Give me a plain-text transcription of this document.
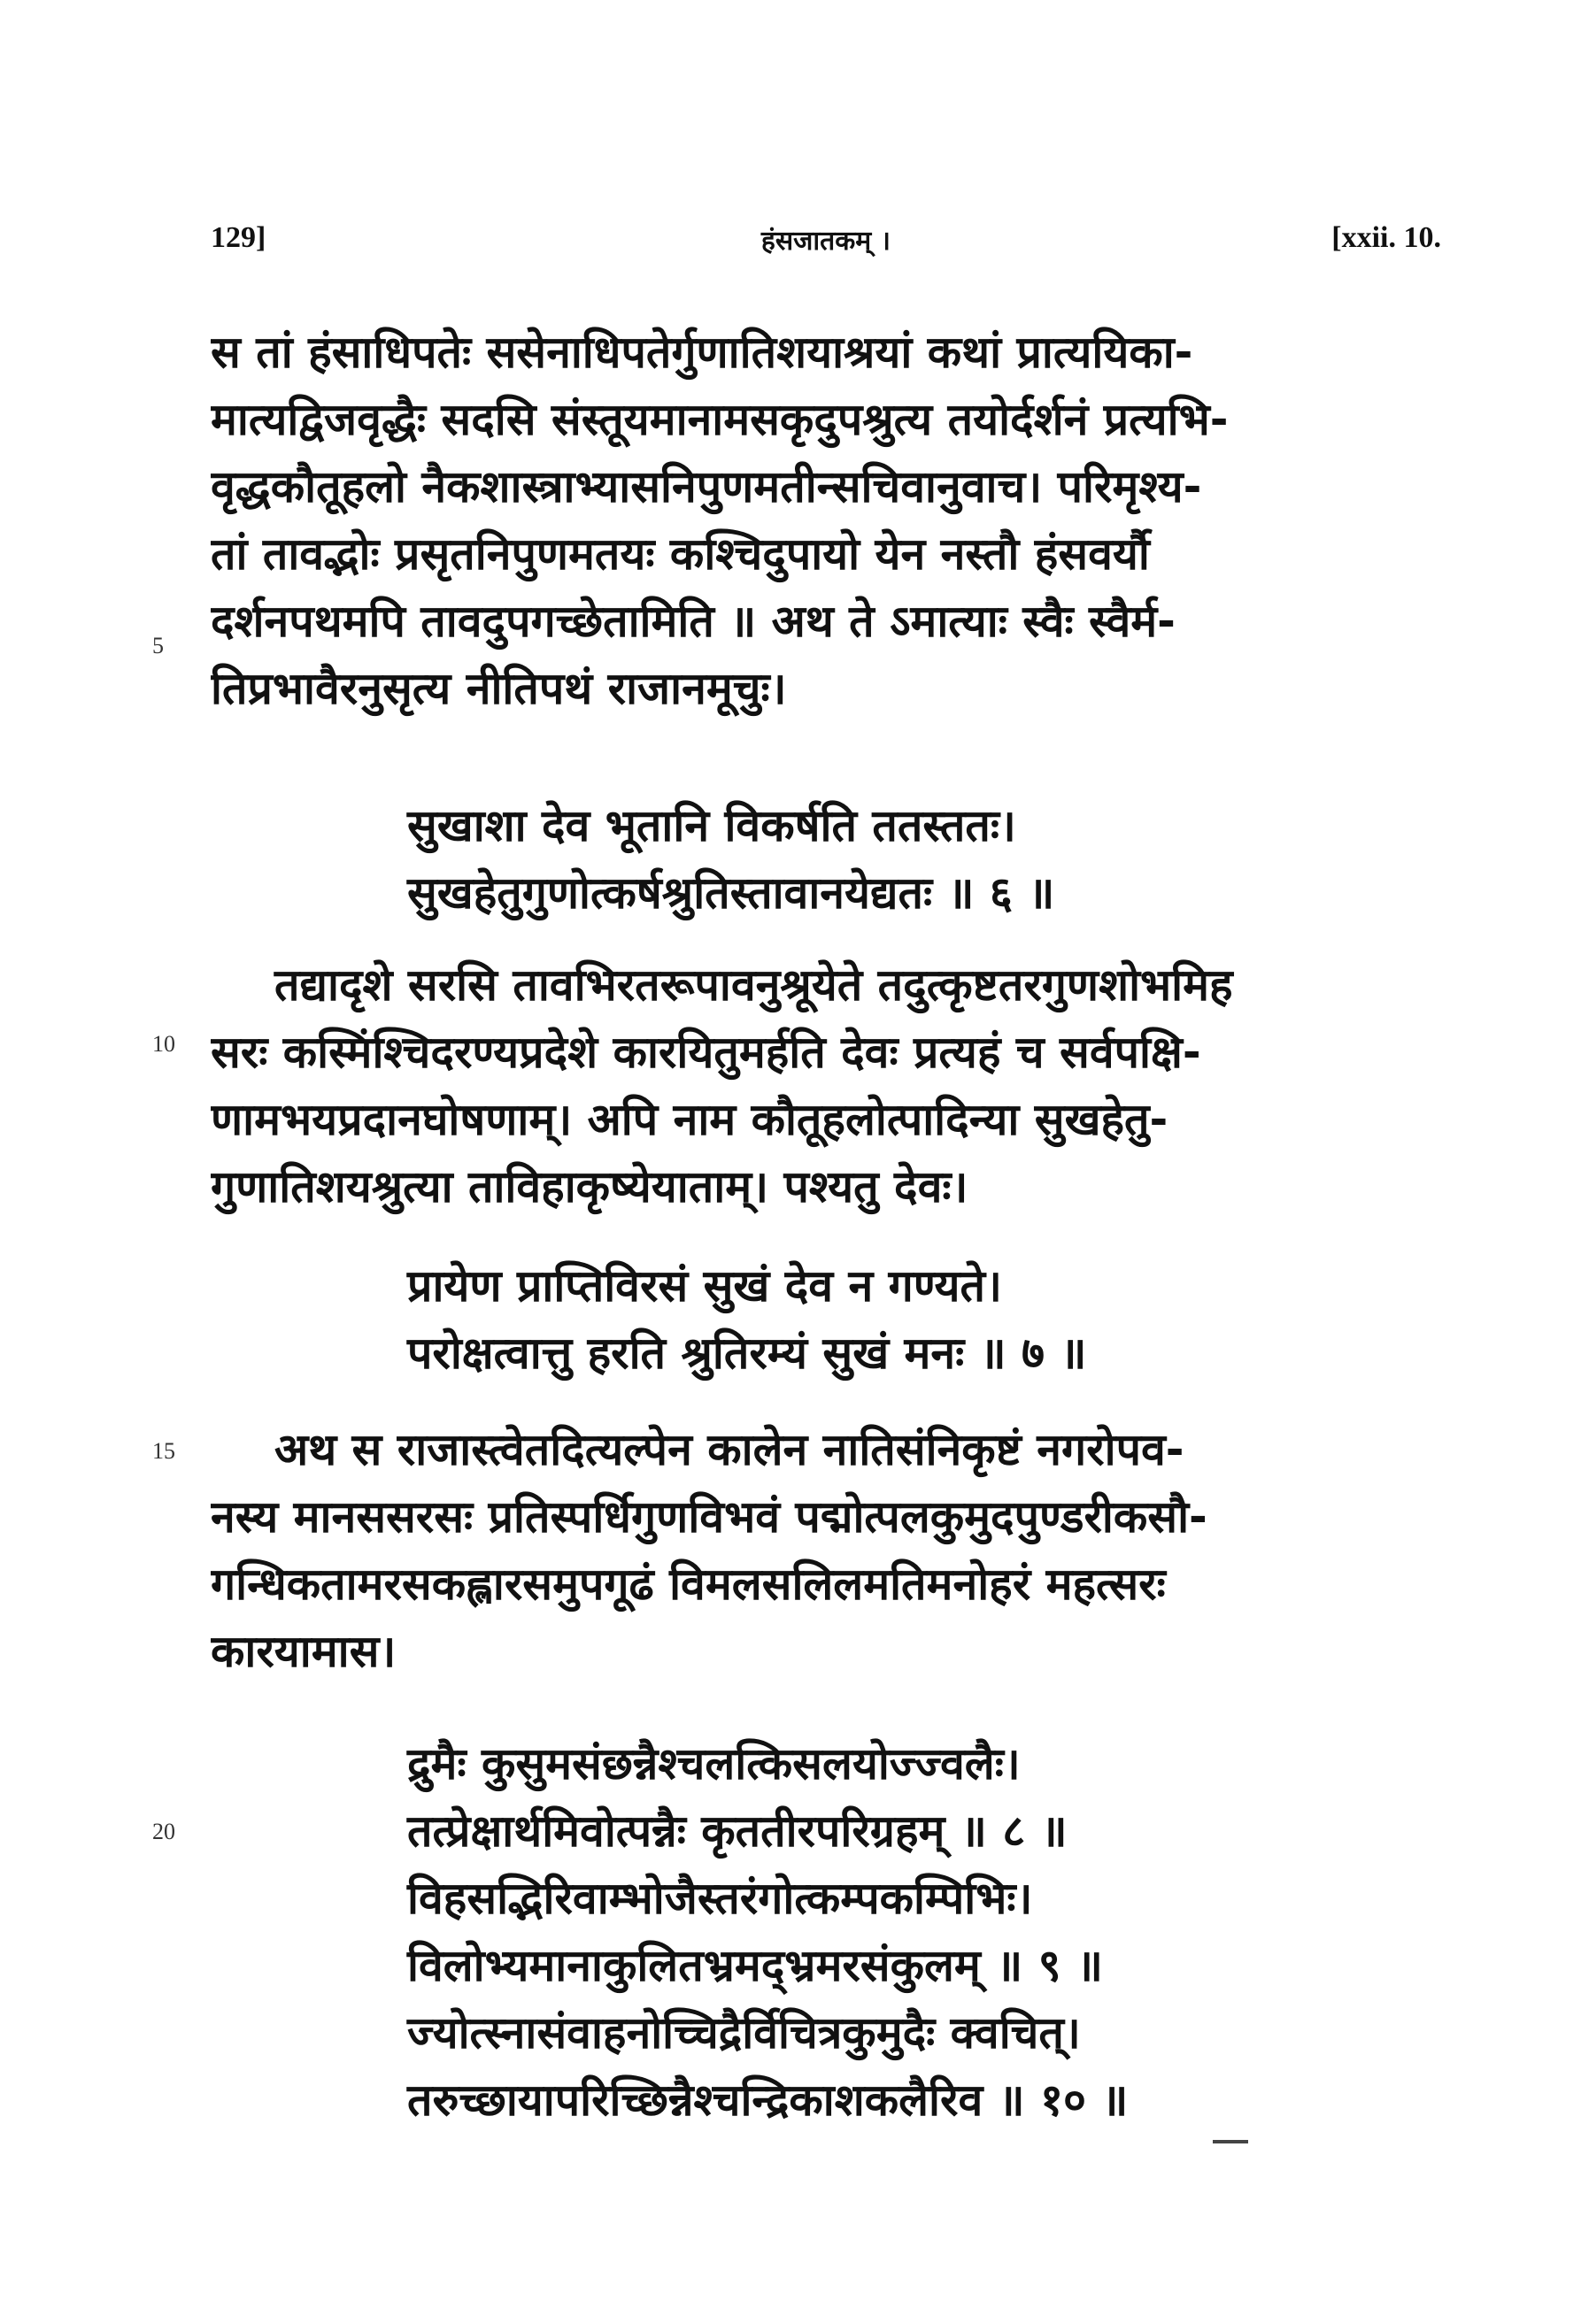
129]	हंसजातकम् ।	[xxii. 10.
स तां हंसाधिपतेः ससेनाधिपतेर्गुणातिशयाश्रयां कथां प्रात्ययिका-
मात्यद्विजवृद्धैः सदसि संस्तूयमानामसकृदुपश्रुत्य तयोर्दर्शनं प्रत्यभि-
वृद्धकौतूहलो नैकशास्त्राभ्यासनिपुणमतीन्सचिवानुवाच। परिमृश्य-
तां तावद्भोः प्रसृतनिपुणमतयः कश्चिदुपायो येन नस्तौ हंसवर्यौ
दर्शनपथमपि तावदुपगच्छेतामिति ॥ अथ ते ऽमात्याः स्वैः स्वैर्म-
तिप्रभावैरनुसृत्य नीतिपथं राजानमूचुः।
5
सुखाशा देव भूतानि विकर्षति ततस्ततः।
सुखहेतुगुणोत्कर्षश्रुतिस्तावानयेद्यतः ॥ ६ ॥
तद्यादृशे सरसि तावभिरतरूपावनुश्रूयेते तदुत्कृष्टतरगुणशोभमिह
सरः कस्मिंश्चिदरण्यप्रदेशे कारयितुमर्हति देवः प्रत्यहं च सर्वपक्षि-
णामभयप्रदानघोषणाम्। अपि नाम कौतूहलोत्पादिन्या सुखहेतु-
गुणातिशयश्रुत्या ताविहाकृष्येयाताम्। पश्यतु देवः।
10
प्रायेण प्राप्तिविरसं सुखं देव न गण्यते।
परोक्षत्वात्तु हरति श्रुतिरम्यं सुखं मनः ॥ ७ ॥
अथ स राजास्त्वेतदित्यल्पेन कालेन नातिसंनिकृष्टं नगरोपव-
नस्य मानससरसः प्रतिस्पर्धिगुणविभवं पद्मोत्पलकुमुदपुण्डरीकसौ-
गन्धिकतामरसकह्लारसमुपगूढं विमलसलिलमतिमनोहरं महत्सरः
कारयामास।
15
द्रुमैः कुसुमसंछन्नैश्चलत्किसलयोज्ज्वलैः।
तत्प्रेक्षार्थमिवोत्पन्नैः कृततीरपरिग्रहम् ॥ ८ ॥
विहसद्भिरिवाम्भोजैस्तरंगोत्कम्पकम्पिभिः।
विलोभ्यमानाकुलितभ्रमद्भ्रमरसंकुलम् ॥ ९ ॥
ज्योत्स्नासंवाहनोच्चिद्रैर्विचित्रकुमुदैः क्वचित्।
तरुच्छायापरिच्छिन्नैश्चन्द्रिकाशकलैरिव ॥ १० ॥
20
